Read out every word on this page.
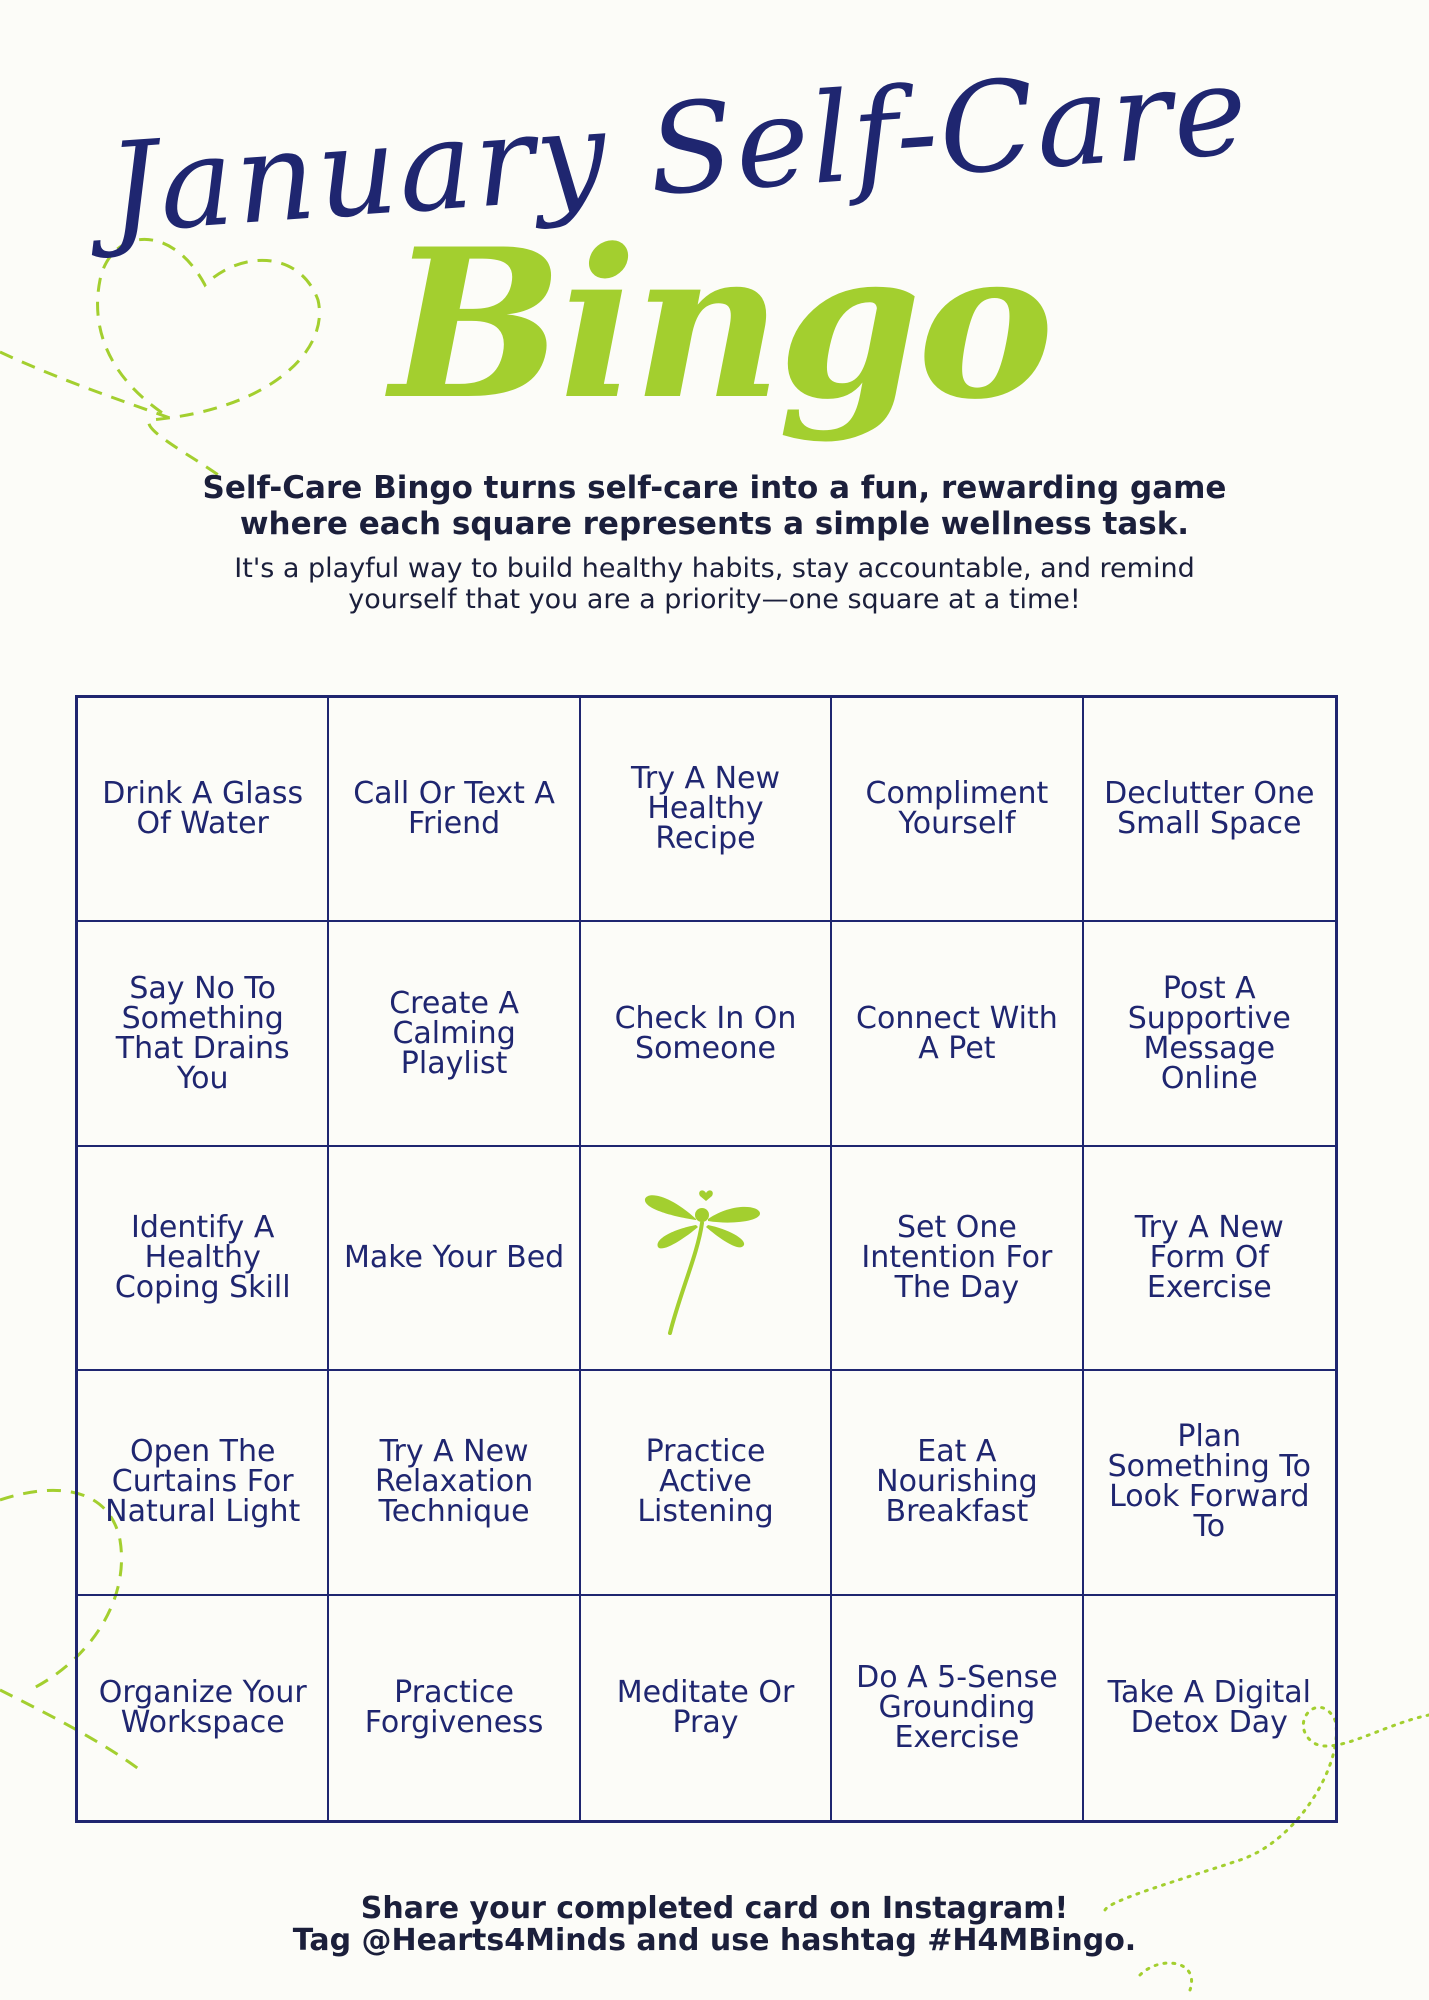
January Self-Care
Bingo
Self-Care Bingo turns self-care into a fun, rewarding game
where each square represents a simple wellness task.
It's a playful way to build healthy habits, stay accountable, and remind
yourself that you are a priority—one square at a time!
Drink A Glass Of Water
Call Or Text A Friend
Try A New Healthy Recipe
Compliment Yourself
Declutter One Small Space
Say No To Something That Drains You
Create A Calming Playlist
Check In On Someone
Connect With A Pet
Post A Supportive Message Online
Identify A Healthy Coping Skill
Make Your Bed
Set One Intention For The Day
Try A New Form Of Exercise
Open The Curtains For Natural Light
Try A New Relaxation Technique
Practice Active Listening
Eat A Nourishing Breakfast
Plan Something To Look Forward To
Organize Your Workspace
Practice Forgiveness
Meditate Or Pray
Do A 5-Sense Grounding Exercise
Take A Digital Detox Day
Share your completed card on Instagram!
Tag @Hearts4Minds and use hashtag #H4MBingo.
